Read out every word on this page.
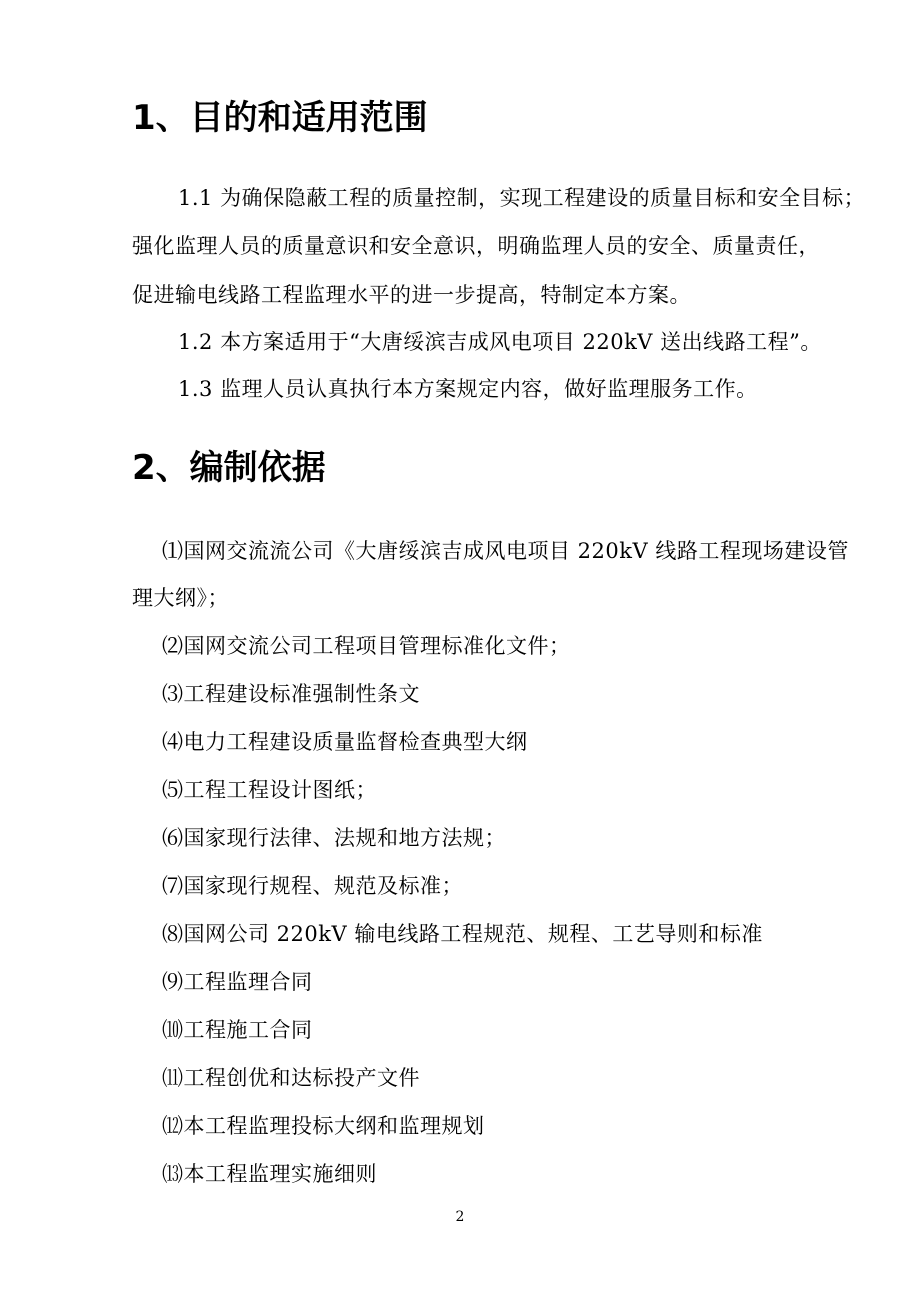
1、目的和适用范围
1.1 为确保隐蔽工程的质量控制，实现工程建设的质量目标和安全目标；
强化监理人员的质量意识和安全意识，明确监理人员的安全、质量责任，
促进输电线路工程监理水平的进一步提高，特制定本方案。
1.2 本方案适用于“大唐绥滨吉成风电项目 220kV 送出线路工程”。
1.3 监理人员认真执行本方案规定内容，做好监理服务工作。
2、编制依据
⑴国网交流流公司《大唐绥滨吉成风电项目 220kV 线路工程现场建设管
理大纲》；
⑵国网交流公司工程项目管理标准化文件；
⑶工程建设标准强制性条文
⑷电力工程建设质量监督检查典型大纲
⑸工程工程设计图纸；
⑹国家现行法律、法规和地方法规；
⑺国家现行规程、规范及标准；
⑻国网公司 220kV 输电线路工程规范、规程、工艺导则和标准
⑼工程监理合同
⑽工程施工合同
⑾工程创优和达标投产文件
⑿本工程监理投标大纲和监理规划
⒀本工程监理实施细则
2
